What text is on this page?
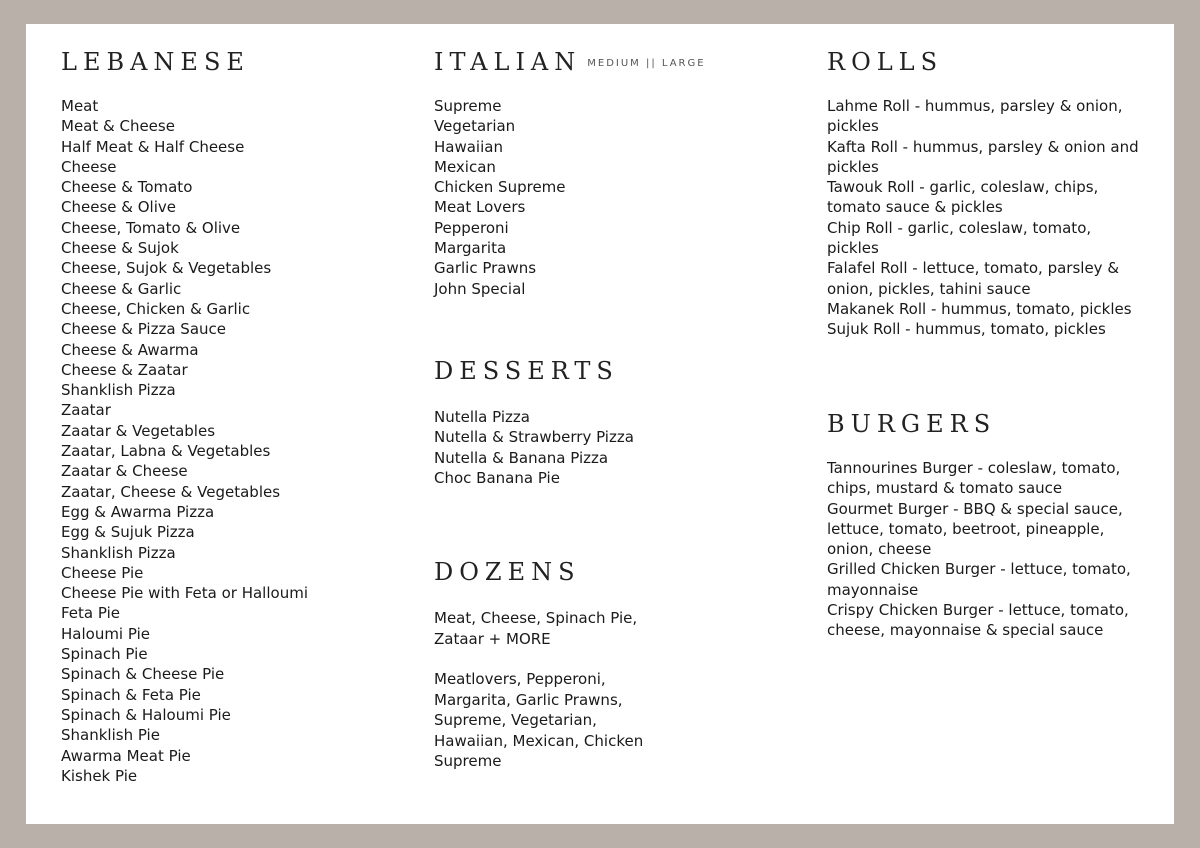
LEBANESE
Meat
Meat & Cheese
Half Meat & Half Cheese
Cheese
Cheese & Tomato
Cheese & Olive
Cheese, Tomato & Olive
Cheese & Sujok
Cheese, Sujok & Vegetables
Cheese & Garlic
Cheese, Chicken & Garlic
Cheese & Pizza Sauce
Cheese & Awarma
Cheese & Zaatar
Shanklish Pizza
Zaatar
Zaatar & Vegetables
Zaatar, Labna & Vegetables
Zaatar & Cheese
Zaatar, Cheese & Vegetables
Egg & Awarma Pizza
Egg & Sujuk Pizza
Shanklish Pizza
Cheese Pie
Cheese Pie with Feta or Halloumi
Feta Pie
Haloumi Pie
Spinach Pie
Spinach & Cheese Pie
Spinach & Feta Pie
Spinach & Haloumi Pie
Shanklish Pie
Awarma Meat Pie
Kishek Pie
ITALIAN MEDIUM || LARGE
Supreme
Vegetarian
Hawaiian
Mexican
Chicken Supreme
Meat Lovers
Pepperoni
Margarita
Garlic Prawns
John Special
DESSERTS
Nutella Pizza
Nutella & Strawberry Pizza
Nutella & Banana Pizza
Choc Banana Pie
DOZENS

Meat, Cheese, Spinach Pie, Zataar + MORE

Meatlovers, Pepperoni, Margarita, Garlic Prawns, Supreme, Vegetarian, Hawaiian, Mexican, Chicken Supreme

ROLLS
Lahme Roll - hummus, parsley & onion, pickles
Kafta Roll - hummus, parsley & onion and pickles
Tawouk Roll - garlic, coleslaw, chips, tomato sauce & pickles
Chip Roll - garlic, coleslaw, tomato, pickles
Falafel Roll - lettuce, tomato, parsley & onion, pickles, tahini sauce
Makanek Roll - hummus, tomato, pickles
Sujuk Roll - hummus, tomato, pickles
BURGERS
Tannourines Burger - coleslaw, tomato, chips, mustard & tomato sauce
Gourmet Burger - BBQ & special sauce, lettuce, tomato, beetroot, pineapple, onion, cheese
Grilled Chicken Burger - lettuce, tomato, mayonnaise
Crispy Chicken Burger - lettuce, tomato, cheese, mayonnaise & special sauce
